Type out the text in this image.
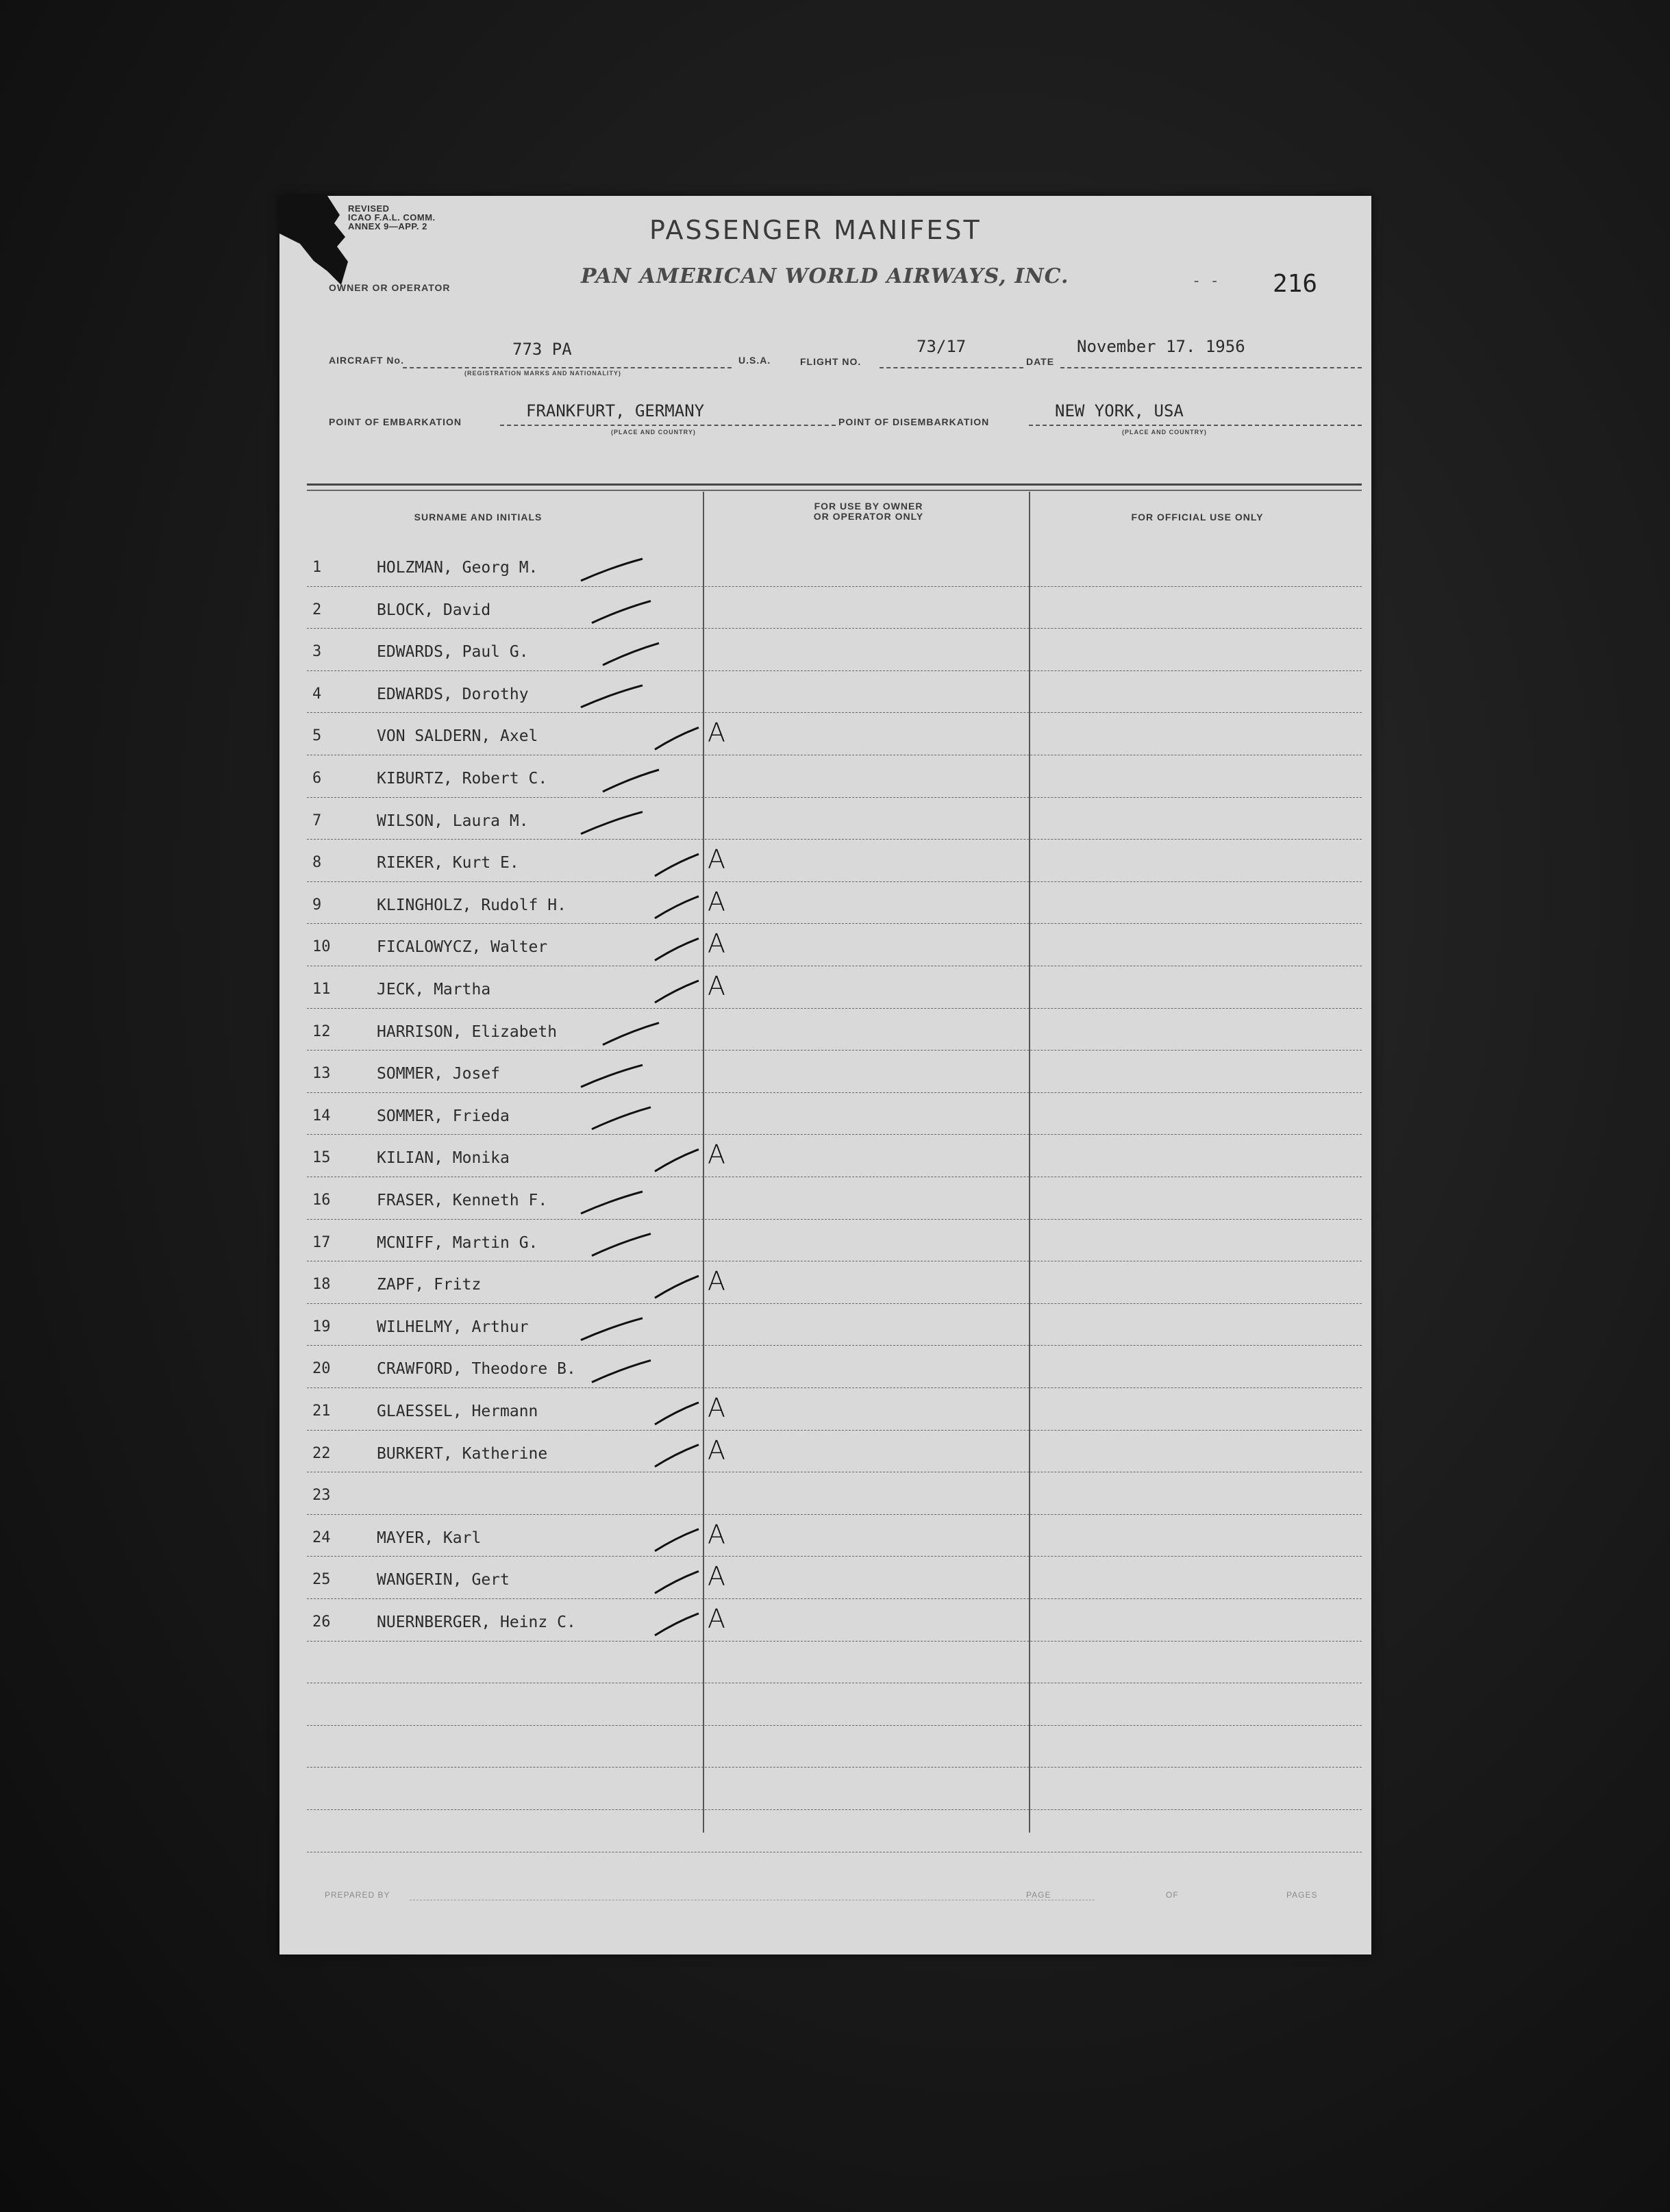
REVISED
ICAO F.A.L. COMM.
ANNEX 9—APP. 2	PASSENGER MANIFEST
PAN AMERICAN WORLD AIRWAYS, INC.
OWNER OR OPERATOR	- - 216
AIRCRAFT No.
773 PA
(REGISTRATION MARKS AND NATIONALITY)
U.S.A.	FLIGHT NO.
73/17
DATE
November 17. 1956
POINT OF EMBARKATION
FRANKFURT, GERMANY
(PLACE AND COUNTRY)
POINT OF DISEMBARKATION
NEW YORK, USA
(PLACE AND COUNTRY)
SURNAME AND INITIALS
FOR USE BY OWNER
OR OPERATOR ONLY	FOR OFFICIAL USE ONLY
1	HOLZMAN, Georg M.
2	BLOCK, David
3	EDWARDS, Paul G.
4	EDWARDS, Dorothy
5	VON SALDERN, Axel	A
6	KIBURTZ, Robert C.
7	WILSON, Laura M.
8	RIEKER, Kurt E.	A
9	KLINGHOLZ, Rudolf H.	A
10	FICALOWYCZ, Walter	A
11	JECK, Martha	A
12	HARRISON, Elizabeth
13	SOMMER, Josef
14	SOMMER, Frieda
15	KILIAN, Monika	A
16	FRASER, Kenneth F.
17	MCNIFF, Martin G.
18	ZAPF, Fritz	A
19	WILHELMY, Arthur
20	CRAWFORD, Theodore B.
21	GLAESSEL, Hermann	A
22	BURKERT, Katherine	A
23
24	MAYER, Karl	A
25	WANGERIN, Gert	A
26	NUERNBERGER, Heinz C.	A
PREPARED BY	PAGE	OF	PAGES
